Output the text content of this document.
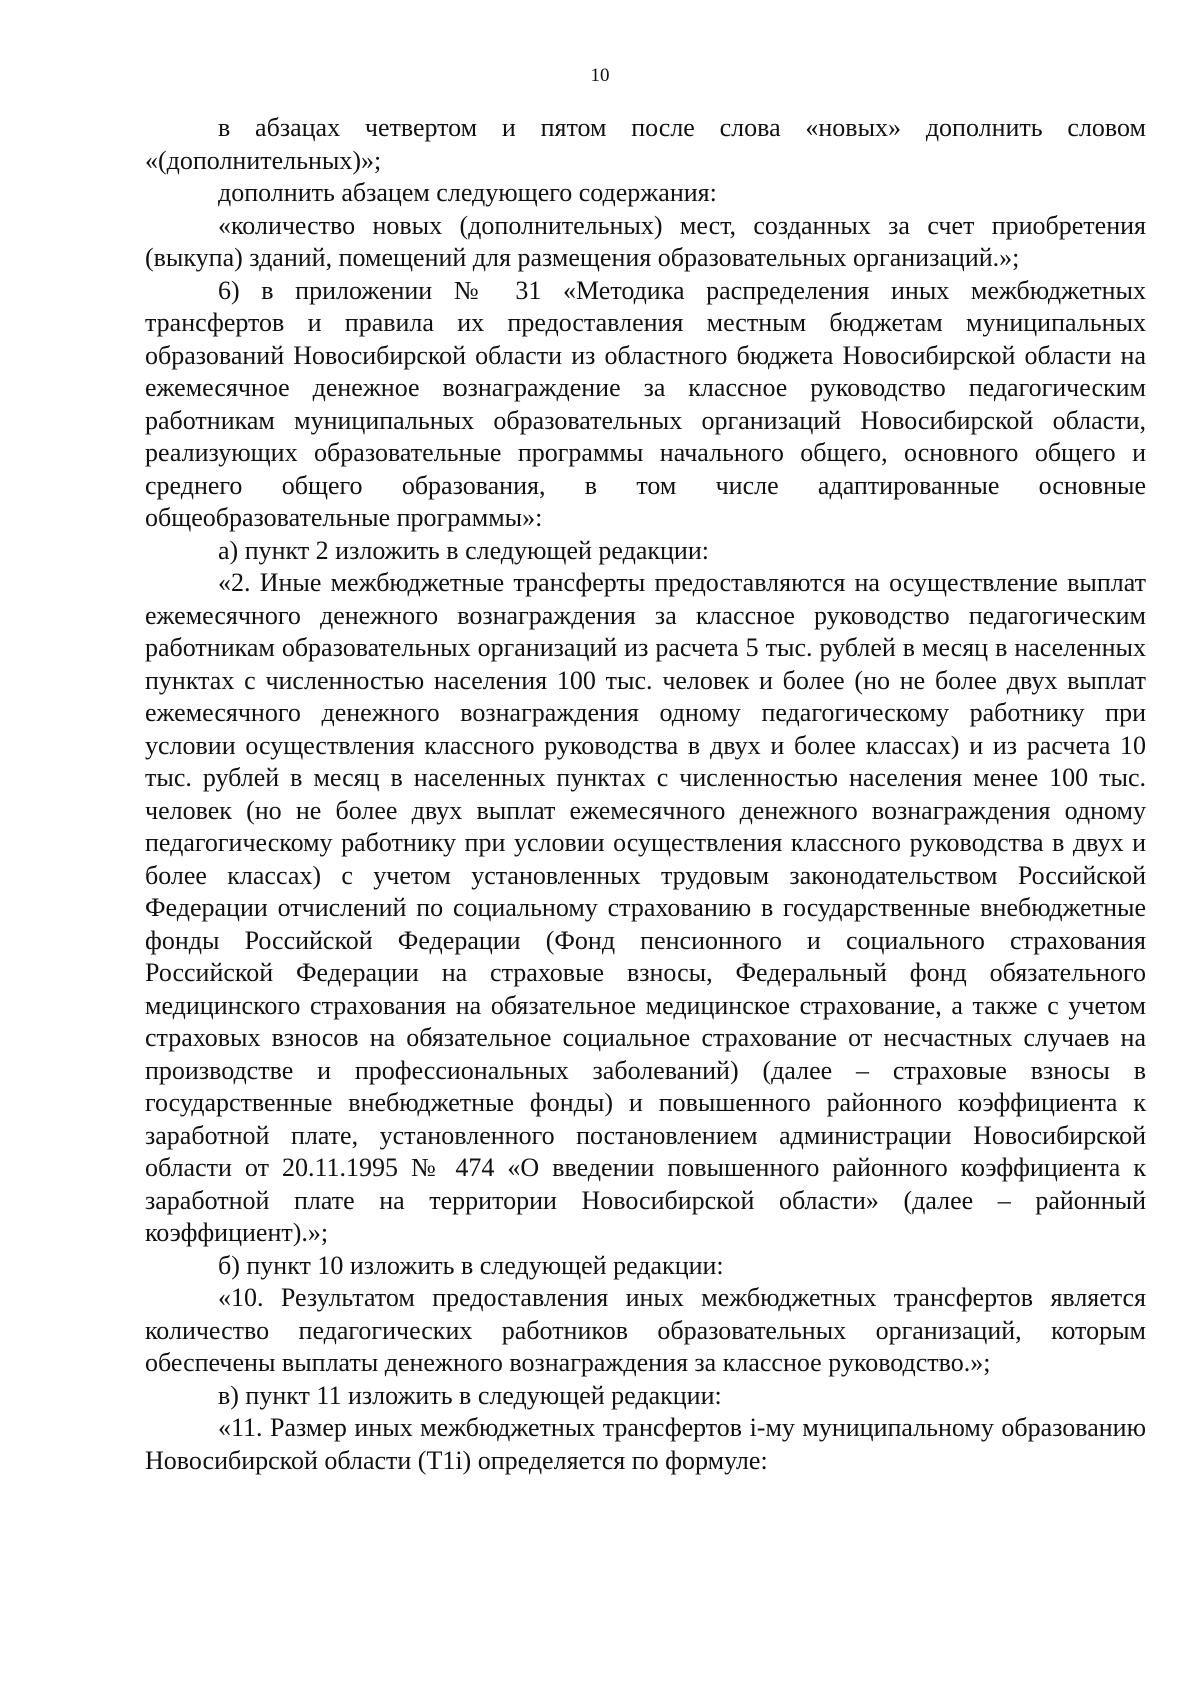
10

в абзацах четвертом и пятом после слова «новых» дополнить словом «(дополнительных)»;

дополнить абзацем следующего содержания:

«количество новых (дополнительных) мест, созданных за счет приобретения (выкупа) зданий, помещений для размещения образовательных организаций.»;

6) в приложении № 31 «Методика распределения иных межбюджетных трансфертов и правила их предоставления местным бюджетам муниципальных образований Новосибирской области из областного бюджета Новосибирской области на ежемесячное денежное вознаграждение за классное руководство педагогическим работникам муниципальных образовательных организаций Новосибирской области, реализующих образовательные программы начального общего, основного общего и среднего общего образования, в том числе адаптированные основные общеобразовательные программы»:

а) пункт 2 изложить в следующей редакции:

«2. Иные межбюджетные трансферты предоставляются на осуществление выплат ежемесячного денежного вознаграждения за классное руководство педагогическим работникам образовательных организаций из расчета 5 тыс. рублей в месяц в населенных пунктах с численностью населения 100 тыс. человек и более (но не более двух выплат ежемесячного денежного вознаграждения одному педагогическому работнику при условии осуществления классного руководства в двух и более классах) и из расчета 10 тыс. рублей в месяц в населенных пунктах с численностью населения менее 100 тыс. человек (но не более двух выплат ежемесячного денежного вознаграждения одному педагогическому работнику при условии осуществления классного руководства в двух и более классах) с учетом установленных трудовым законодательством Российской Федерации отчислений по социальному страхованию в государственные внебюджетные фонды Российской Федерации (Фонд пенсионного и социального страхования Российской Федерации на страховые взносы, Федеральный фонд обязательного медицинского страхования на обязательное медицинское страхование, а также с учетом страховых взносов на обязательное социальное страхование от несчастных случаев на производстве и профессиональных заболеваний) (далее – страховые взносы в государственные внебюджетные фонды) и повышенного районного коэффициента к заработной плате, установленного постановлением администрации Новосибирской области от 20.11.1995 № 474 «О введении повышенного районного коэффициента к заработной плате на территории Новосибирской области» (далее – районный коэффициент).»;

б) пункт 10 изложить в следующей редакции:

«10. Результатом предоставления иных межбюджетных трансфертов является количество педагогических работников образовательных организаций, которым обеспечены выплаты денежного вознаграждения за классное руководство.»;

в) пункт 11 изложить в следующей редакции:

«11. Размер иных межбюджетных трансфертов i-му муниципальному образованию Новосибирской области (T1i) определяется по формуле:
